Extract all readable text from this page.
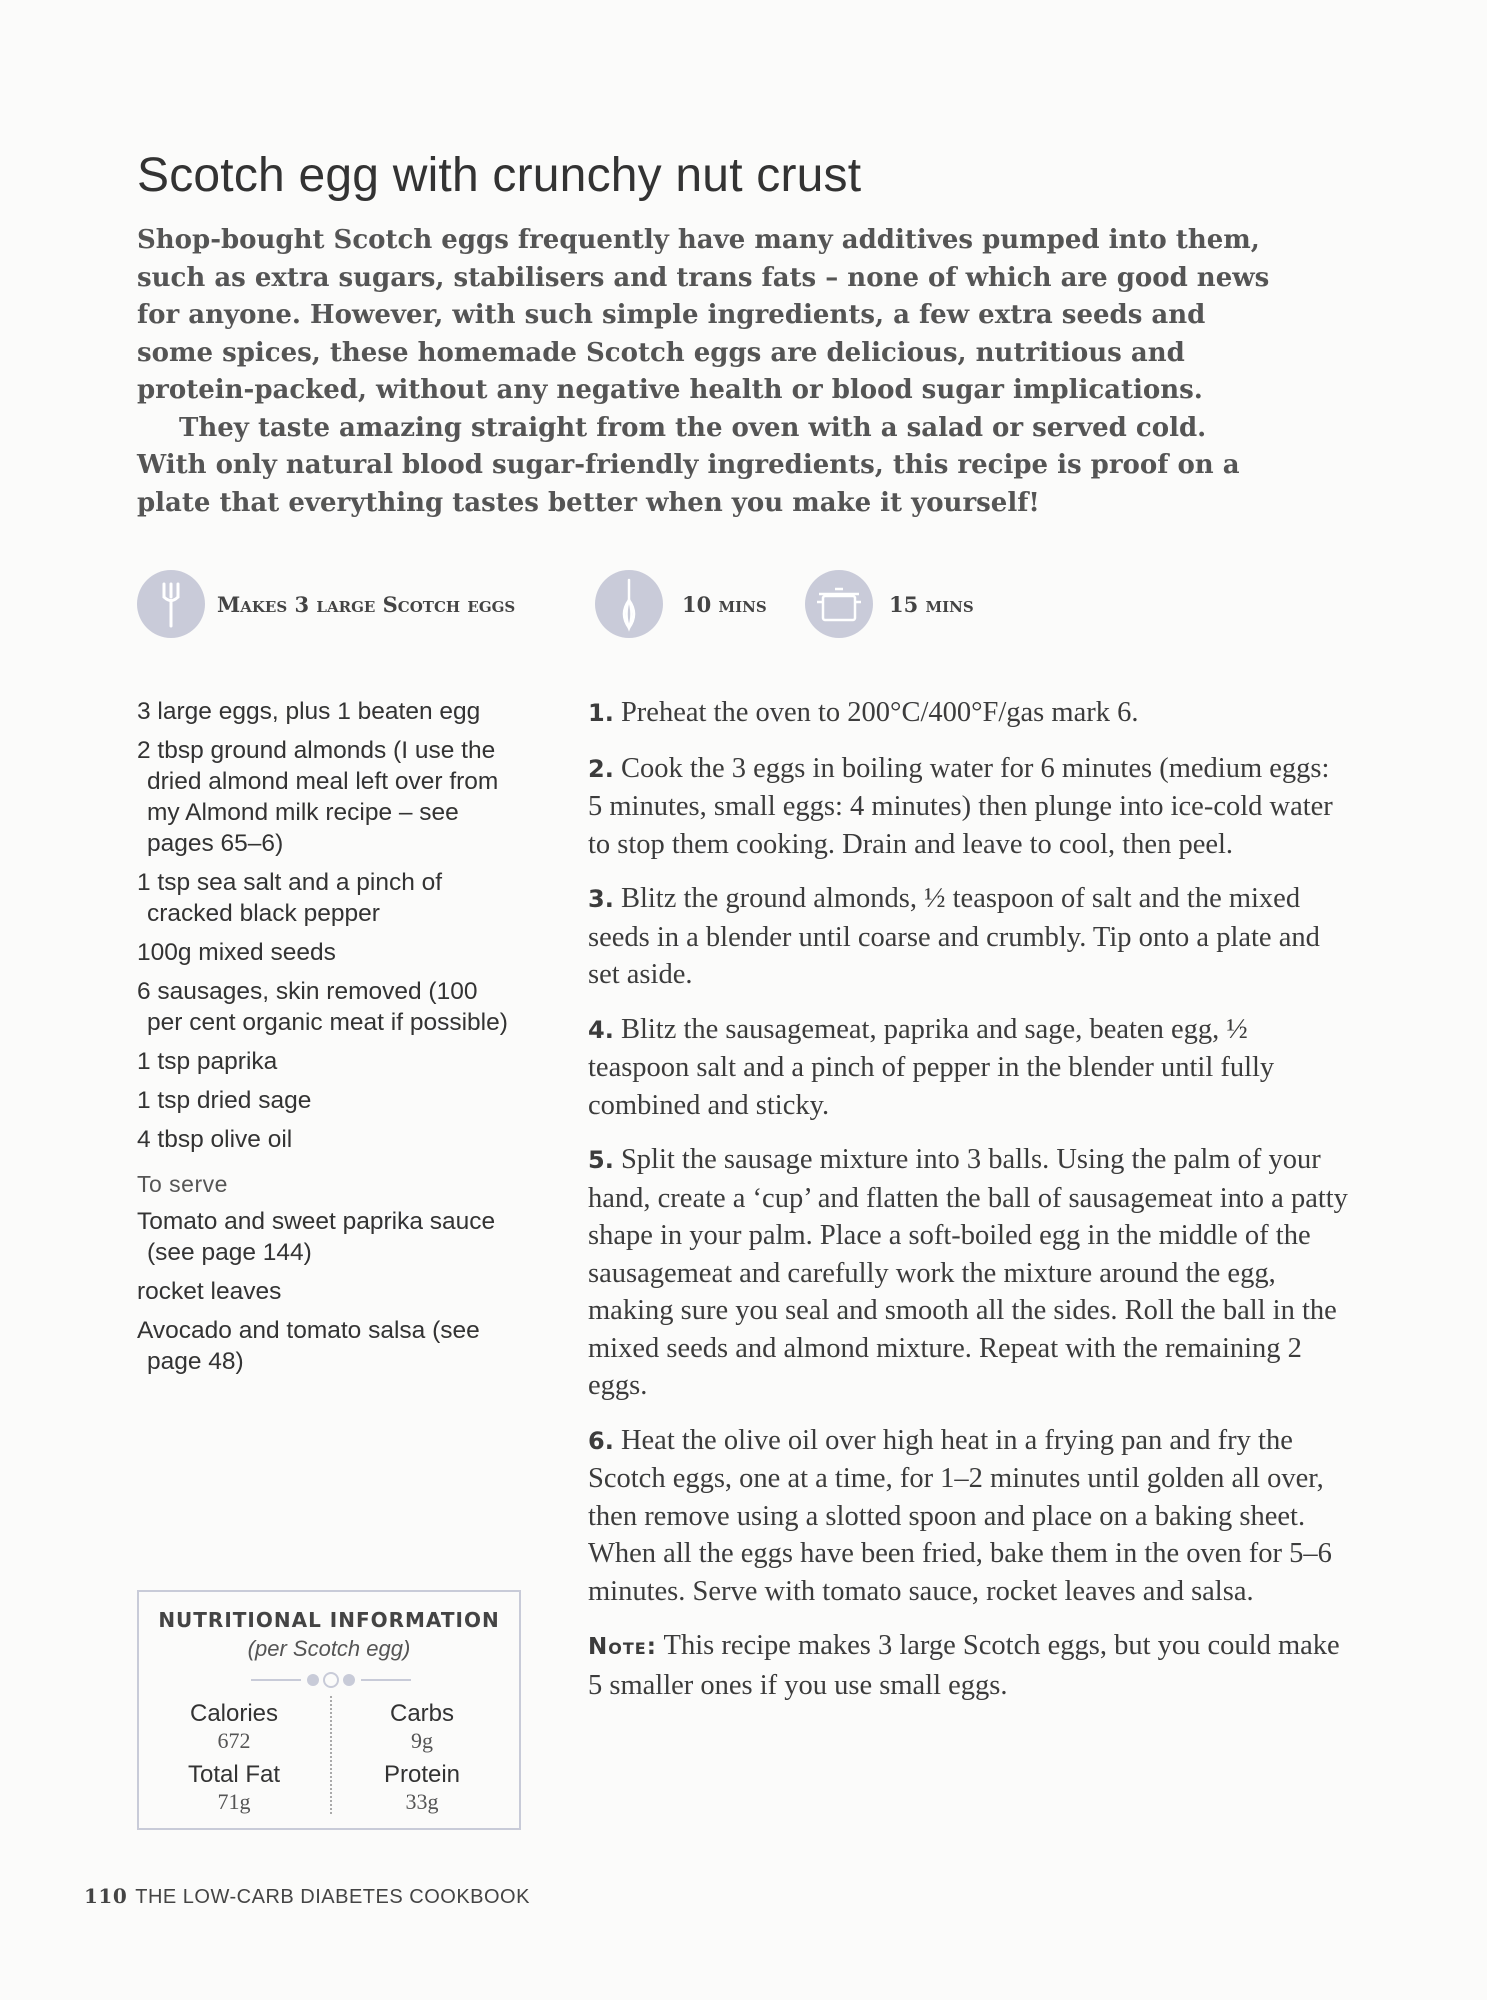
Scotch egg with crunchy nut crust

Shop-bought Scotch eggs frequently have many additives pumped into them, such as extra sugars, stabilisers and trans fats – none of which are good news for anyone. However, with such simple ingredients, a few extra seeds and some spices, these homemade Scotch eggs are delicious, nutritious and protein-packed, without any negative health or blood sugar implications.

They taste amazing straight from the oven with a salad or served cold. With only natural blood sugar-friendly ingredients, this recipe is proof on a plate that everything tastes better when you make it yourself!

Makes 3 large Scotch eggs	10 mins	15 mins
3 large eggs, plus 1 beaten egg
2 tbsp ground almonds (I use the dried almond meal left over from my Almond milk recipe – see pages 65–6)
1 tsp sea salt and a pinch of cracked black pepper
100g mixed seeds
6 sausages, skin removed (100 per cent organic meat if possible)
1 tsp paprika
1 tsp dried sage
4 tbsp olive oil
To serve
Tomato and sweet paprika sauce (see page 144)
rocket leaves
Avocado and tomato salsa (see page 48)

1. Preheat the oven to 200°C/400°F/gas mark 6.

2. Cook the 3 eggs in boiling water for 6 minutes (medium eggs: 5 minutes, small eggs: 4 minutes) then plunge into ice-cold water to stop them cooking. Drain and leave to cool, then peel.

3. Blitz the ground almonds, ½ teaspoon of salt and the mixed seeds in a blender until coarse and crumbly. Tip onto a plate and set aside.

4. Blitz the sausagemeat, paprika and sage, beaten egg, ½ teaspoon salt and a pinch of pepper in the blender until fully combined and sticky.

5. Split the sausage mixture into 3 balls. Using the palm of your hand, create a ‘cup’ and flatten the ball of sausagemeat into a patty shape in your palm. Place a soft-boiled egg in the middle of the sausagemeat and carefully work the mixture around the egg, making sure you seal and smooth all the sides. Roll the ball in the mixed seeds and almond mixture. Repeat with the remaining 2 eggs.

6. Heat the olive oil over high heat in a frying pan and fry the Scotch eggs, one at a time, for 1–2 minutes until golden all over, then remove using a slotted spoon and place on a baking sheet. When all the eggs have been fried, bake them in the oven for 5–6 minutes. Serve with tomato sauce, rocket leaves and salsa.

Note: This recipe makes 3 large Scotch eggs, but you could make 5 smaller ones if you use small eggs.

NUTRITIONAL INFORMATION
(per Scotch egg)
Calories
672
Carbs
9g
Total Fat
71g
Protein
33g
110 THE LOW-CARB DIABETES COOKBOOK
